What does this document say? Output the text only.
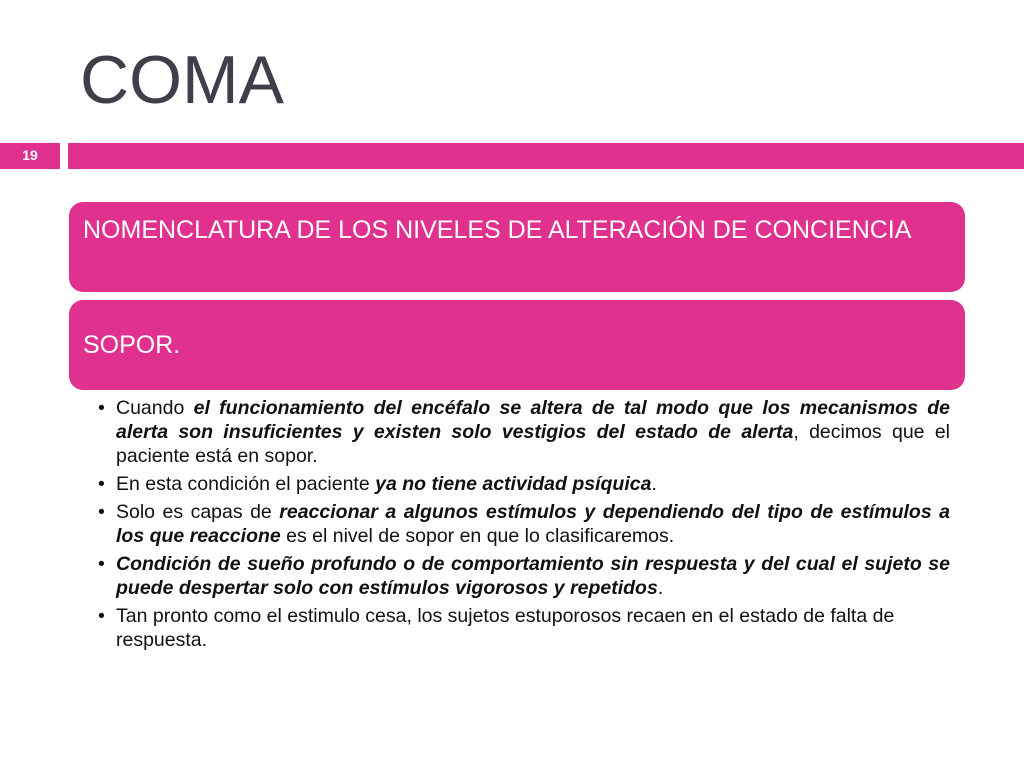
COMA
19
NOMENCLATURA DE LOS NIVELES DE ALTERACIÓN DE CONCIENCIA
SOPOR.
• Cuando el funcionamiento del encéfalo se altera de tal modo que los mecanismos de alerta son insuficientes y existen solo vestigios del estado de alerta, decimos que el paciente está en sopor.
• En esta condición el paciente ya no tiene actividad psíquica.
• Solo es capas de reaccionar a algunos estímulos y dependiendo del tipo de estímulos a los que reaccione es el nivel de sopor en que lo clasificaremos.
• Condición de sueño profundo o de comportamiento sin respuesta y del cual el sujeto se puede despertar solo con estímulos vigorosos y repetidos.
• Tan pronto como el estimulo cesa, los sujetos estuporosos recaen en el estado de falta de respuesta.
